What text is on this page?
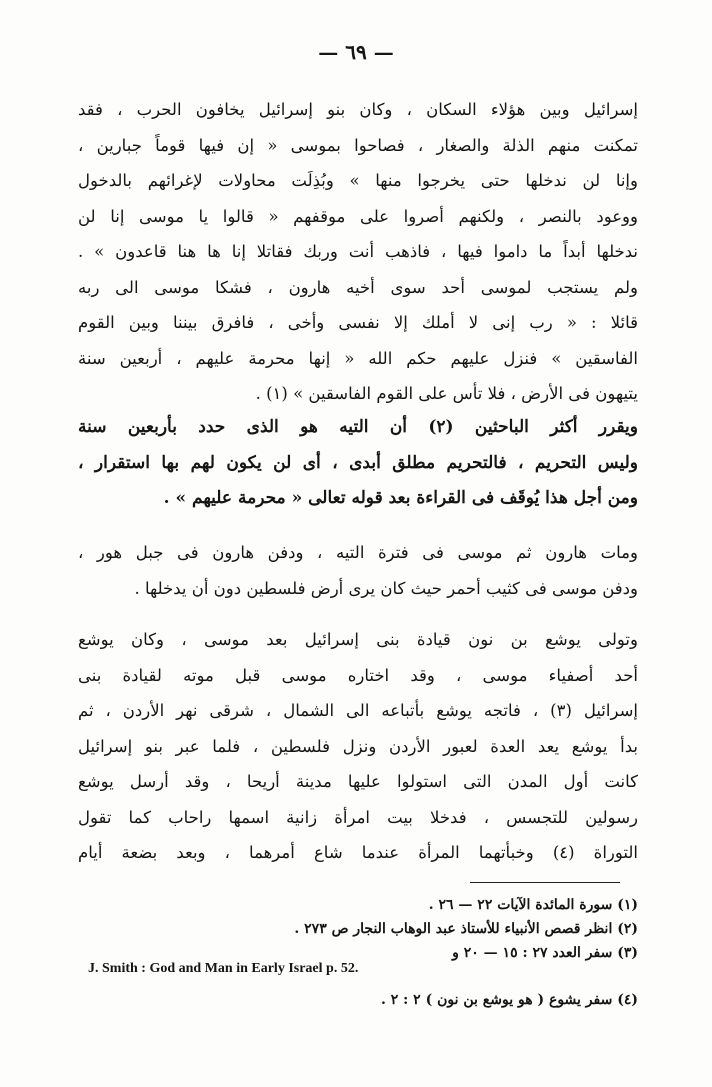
— ٦٩ —
إسرائيل وبين هؤلاء السكان ، وكان بنو إسرائيل يخافون الحرب ، فقد
تمكنت منهم الذلة والصغار ، فصاحوا بموسى « إن فيها قوماً جبارين ،
وإنا لن ندخلها حتى يخرجوا منها » وبُذِلَت محاولات لإغرائهم بالدخول
ووعود بالنصر ، ولكنهم أصروا على موقفهم « قالوا يا موسى إنا لن
ندخلها أبداً ما داموا فيها ، فاذهب أنت وربك فقاتلا إنا ها هنا قاعدون » .
ولم يستجب لموسى أحد سوى أخيه هارون ، فشكا موسى الى ربه
قائلا : « رب إنى لا أملك إلا نفسى وأخى ، فافرق بيننا وبين القوم
الفاسقين » فنزل عليهم حكم الله « إنها محرمة عليهم ، أربعين سنة
يتيهون فى الأرض ، فلا تأس على القوم الفاسقين » (١) .
ويقرر أكثر الباحثين (٢) أن التيه هو الذى حدد بأربعين سنة
وليس التحريم ، فالتحريم مطلق أبدى ، أى لن يكون لهم بها استقرار ،
ومن أجل هذا يُوقَف فى القراءة بعد قوله تعالى « محرمة عليهم » .
ومات هارون ثم موسى فى فترة التيه ، ودفن هارون فى جبل هور ،
ودفن موسى فى كثيب أحمر حيث كان يرى أرض فلسطين دون أن يدخلها .
وتولى يوشع بن نون قيادة بنى إسرائيل بعد موسى ، وكان يوشع
أحد أصفياء موسى ، وقد اختاره موسى قبل موته لقيادة بنى
إسرائيل (٣) ، فاتجه يوشع بأتباعه الى الشمال ، شرقى نهر الأردن ، ثم
بدأ يوشع يعد العدة لعبور الأردن ونزل فلسطين ، فلما عبر بنو إسرائيل
كانت أول المدن التى استولوا عليها مدينة أريحا ، وقد أرسل يوشع
رسولين للتجسس ، فدخلا بيت امرأة زانية اسمها راحاب كما تقول
التوراة (٤) وخبأتهما المرأة عندما شاع أمرهما ، وبعد بضعة أيام
(١) سورة المائدة الآيات ٢٢ — ٢٦ .
(٢) انظر قصص الأنبياء للأستاذ عبد الوهاب النجار ص ٢٧٣ .
(٣) سفر العدد ٢٧ : ١٥ — ٢٠ و
J. Smith : God and Man in Early Israel p. 52.
(٤) سفر يشوع ( هو يوشع بن نون ) ٢ : ٢ .
